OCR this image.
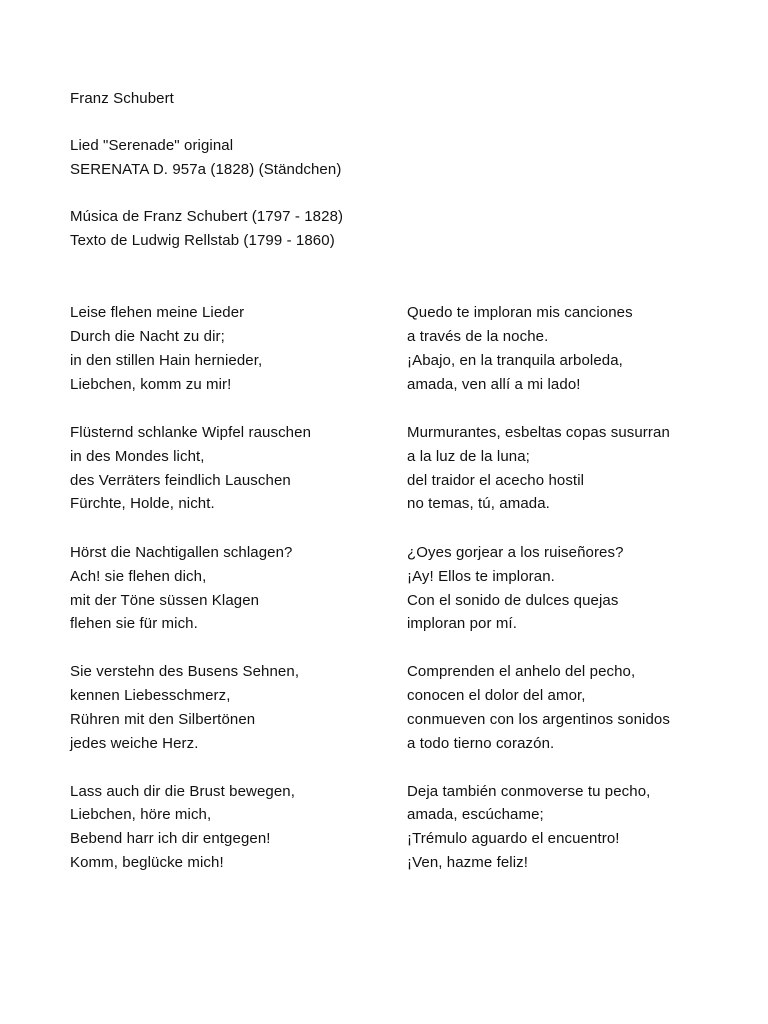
Franz Schubert
Lied "Serenade" original
SERENATA D. 957a (1828) (Ständchen)
Música de Franz Schubert (1797 - 1828)
Texto de Ludwig Rellstab (1799 - 1860)
Leise flehen meine Lieder
Durch die Nacht zu dir;
in den stillen Hain hernieder,
Liebchen, komm zu mir!
Quedo te imploran mis canciones
a través de la noche.
¡Abajo, en la tranquila arboleda,
amada, ven allí a mi lado!
Flüsternd schlanke Wipfel rauschen
in des Mondes licht,
des Verräters feindlich Lauschen
Fürchte, Holde, nicht.
Murmurantes, esbeltas copas susurran
a la luz de la luna;
del traidor el acecho hostil
no temas, tú, amada.
Hörst die Nachtigallen schlagen?
Ach! sie flehen dich,
mit der Töne süssen Klagen
flehen sie für mich.
¿Oyes gorjear a los ruiseñores?
¡Ay! Ellos te imploran.
Con el sonido de dulces quejas
imploran por mí.
Sie verstehn des Busens Sehnen,
kennen Liebesschmerz,
Rühren mit den Silbertönen
jedes weiche Herz.
Comprenden el anhelo del pecho,
conocen el dolor del amor,
conmueven con los argentinos sonidos
a todo tierno corazón.
Lass auch dir die Brust bewegen,
Liebchen, höre mich,
Bebend harr ich dir entgegen!
Komm, beglücke mich!
Deja también conmoverse tu pecho,
amada, escúchame;
¡Trémulo aguardo el encuentro!
¡Ven, hazme feliz!
